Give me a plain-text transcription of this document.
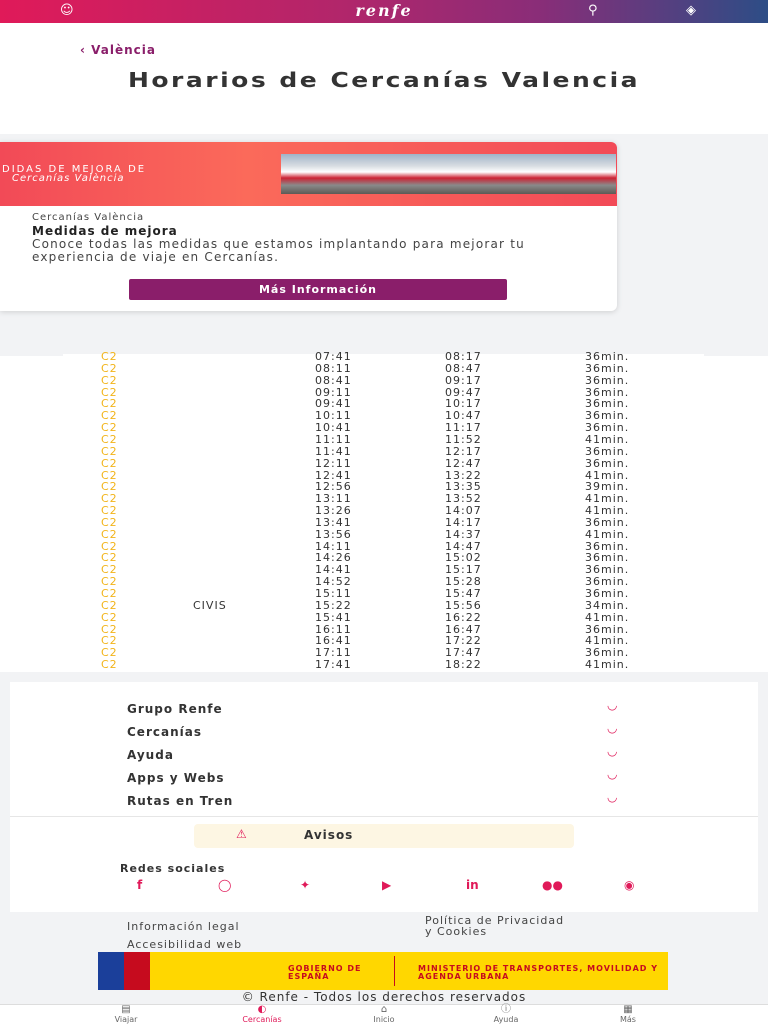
☺	renfe	⚲	◈
‹ València
Horarios de Cercanías Valencia
DIDAS DE MEJORA DE
Cercanías València
Cercanías València
Medidas de mejora
Conoce todas las medidas que estamos implantando para mejorar tu experiencia de viaje en Cercanías.
Más Información
C2	07:41	08:17	36min.
C2	08:11	08:47	36min.
C2	08:41	09:17	36min.
C2	09:11	09:47	36min.
C2	09:41	10:17	36min.
C2	10:11	10:47	36min.
C2	10:41	11:17	36min.
C2	11:11	11:52	41min.
C2	11:41	12:17	36min.
C2	12:11	12:47	36min.
C2	12:41	13:22	41min.
C2	12:56	13:35	39min.
C2	13:11	13:52	41min.
C2	13:26	14:07	41min.
C2	13:41	14:17	36min.
C2	13:56	14:37	41min.
C2	14:11	14:47	36min.
C2	14:26	15:02	36min.
C2	14:41	15:17	36min.
C2	14:52	15:28	36min.
C2	15:11	15:47	36min.
C2	CIVIS	15:22	15:56	34min.
C2	15:41	16:22	41min.
C2	16:11	16:47	36min.
C2	16:41	17:22	41min.
C2	17:11	17:47	36min.
C2	17:41	18:22	41min.
Grupo Renfe	◡
Cercanías	◡
Ayuda	◡
Apps y Webs	◡
Rutas en Tren	◡
⚠	Avisos
Redes sociales
f	◯	✦	▶	in	●●	◉
Información legal	Política de Privacidad y Cookies
Accesibilidad web
GOBIERNO DE ESPAÑA
MINISTERIO DE TRANSPORTES, MOVILIDAD Y AGENDA URBANA
© Renfe - Todos los derechos reservados
▤
Viajar
◐
Cercanías
⌂
Inicio
ⓘ
Ayuda
▦
Más
